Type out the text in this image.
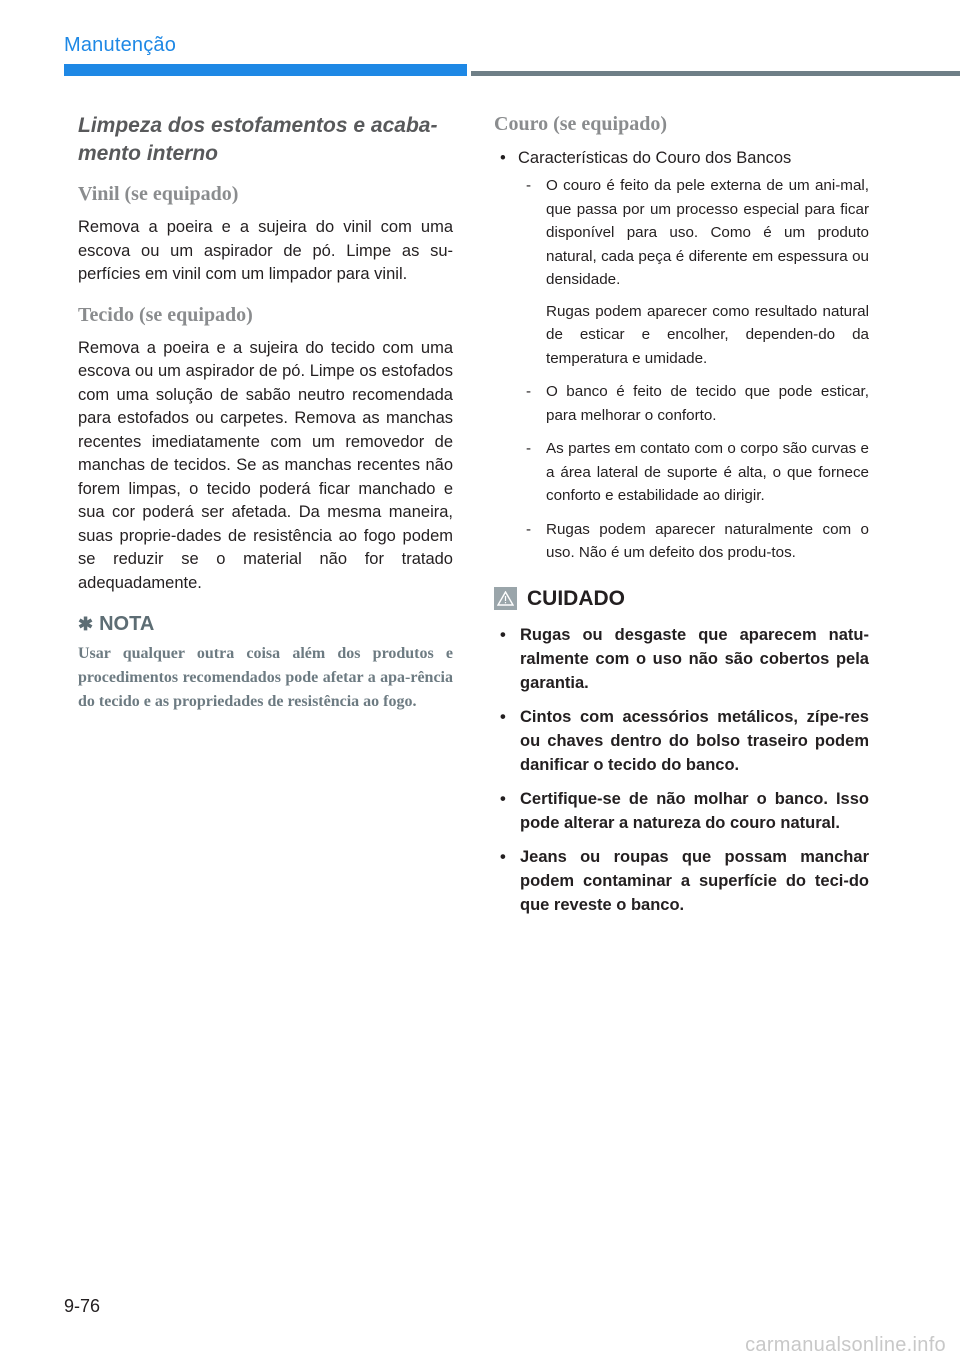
Manutenção
Limpeza dos estofamentos e acaba-mento interno
Vinil (se equipado)

Remova a poeira e a sujeira do vinil com uma escova ou um aspirador de pó. Limpe as su-perfícies em vinil com um limpador para vinil.

Tecido (se equipado)

Remova a poeira e a sujeira do tecido com uma escova ou um aspirador de pó. Limpe os estofados com uma solução de sabão neutro recomendada para estofados ou carpetes. Remova as manchas recentes imediatamente com um removedor de manchas de tecidos. Se as manchas recentes não forem limpas, o tecido poderá ficar manchado e sua cor poderá ser afetada. Da mesma maneira, suas proprie-dades de resistência ao fogo podem se reduzir se o material não for tratado adequadamente.

✱ NOTA

Usar qualquer outra coisa além dos produtos e procedimentos recomendados pode afetar a apa-rência do tecido e as propriedades de resistência ao fogo.

Couro (se equipado)
• Características do Couro dos Bancos
- O couro é feito da pele externa de um ani-mal, que passa por um processo especial para ficar disponível para uso. Como é um produto natural, cada peça é diferente em espessura ou densidade.
Rugas podem aparecer como resultado natural de esticar e encolher, dependen-do da temperatura e umidade.
- O banco é feito de tecido que pode esticar, para melhorar o conforto.
- As partes em contato com o corpo são curvas e a área lateral de suporte é alta, o que fornece conforto e estabilidade ao dirigir.
- Rugas podem aparecer naturalmente com o uso. Não é um defeito dos produ-tos.
CUIDADO
• Rugas ou desgaste que aparecem natu-ralmente com o uso não são cobertos pela garantia.
• Cintos com acessórios metálicos, zípe-res ou chaves dentro do bolso traseiro podem danificar o tecido do banco.
• Certifique-se de não molhar o banco. Isso pode alterar a natureza do couro natural.
• Jeans ou roupas que possam manchar podem contaminar a superfície do teci-do que reveste o banco.
9-76
carmanualsonline.info
